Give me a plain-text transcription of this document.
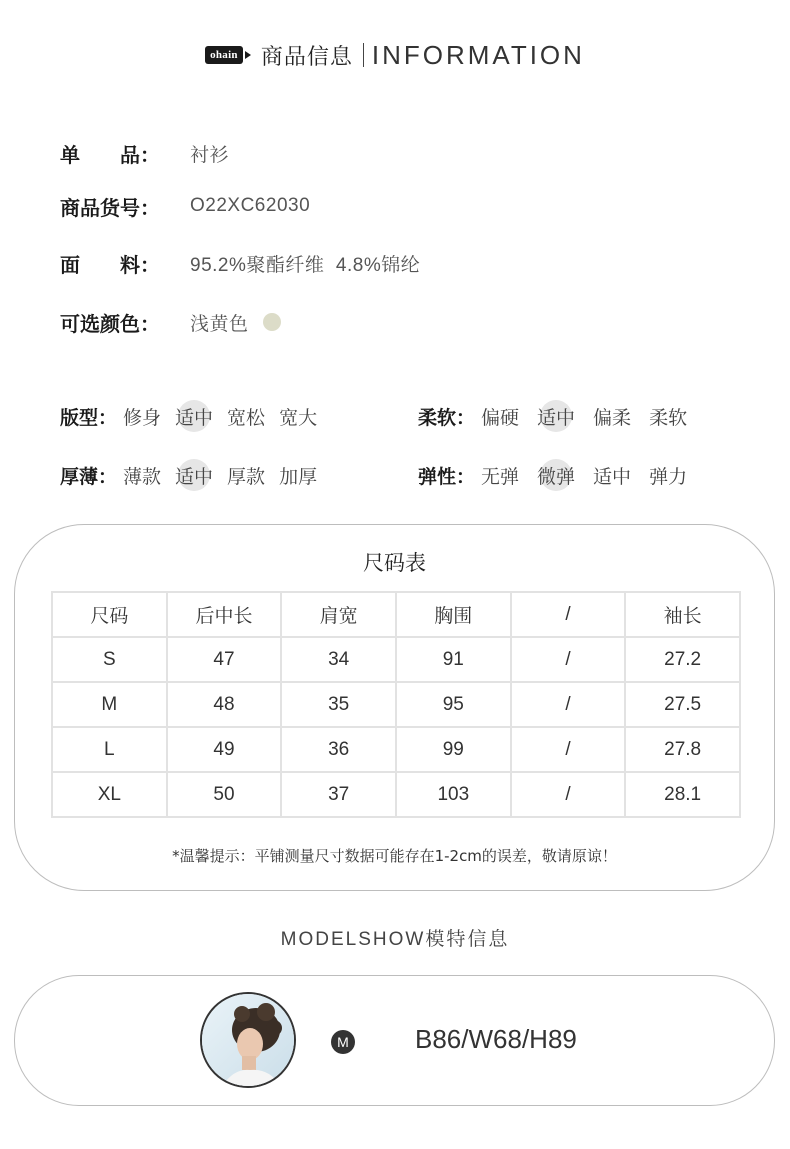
ohain 商品信息 INFORMATION
单 品： 衬衫
商品货号： O22XC62030
面 料： 95.2%聚酯纤维  4.8%锦纶
可选颜色： 浅黄色
版型： 修身 适中 宽松 宽大	柔软： 偏硬 适中 偏柔 柔软
厚薄： 薄款 适中 厚款 加厚	弹性： 无弹 微弹 适中 弹力
尺码表
尺码	后中长	肩宽	胸围	/	袖长
S	47	34	91	/	27.2
M	48	35	95	/	27.5
L	49	36	99	/	27.8
XL	50	37	103	/	28.1
*温馨提示：平铺测量尺寸数据可能存在1-2cm的误差，敬请原谅！
MODELSHOW模特信息
M	B86/W68/H89
